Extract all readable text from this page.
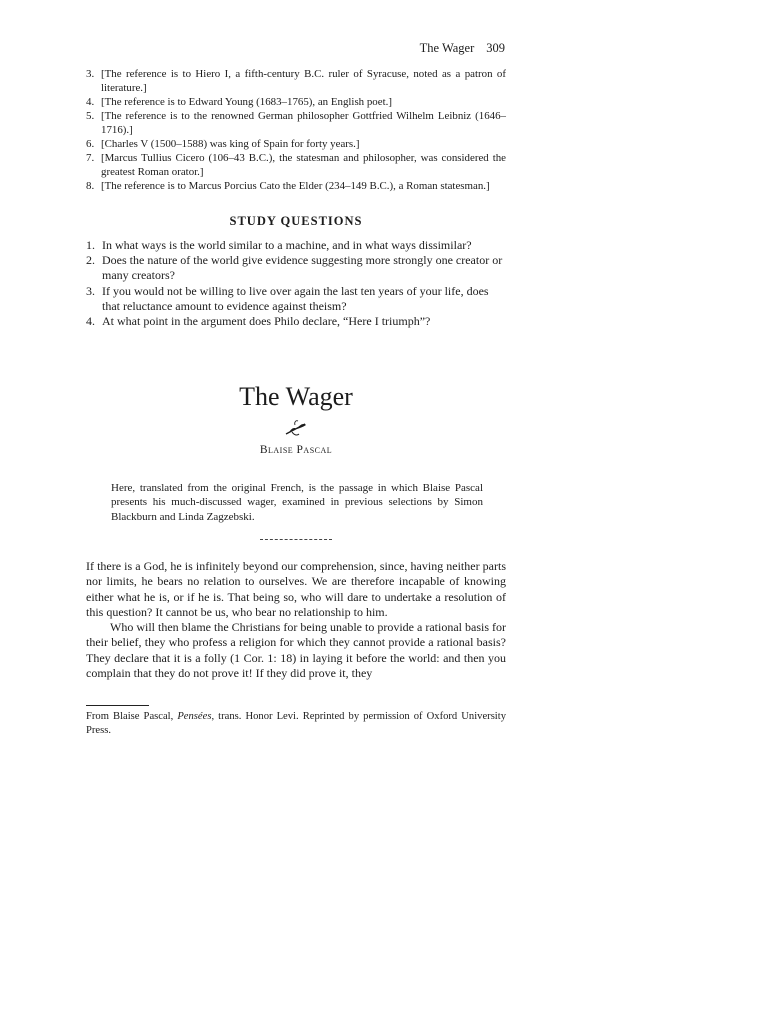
The Wager 309
3. [The reference is to Hiero I, a fifth-century B.C. ruler of Syracuse, noted as a patron of literature.]
4. [The reference is to Edward Young (1683–1765), an English poet.]
5. [The reference is to the renowned German philosopher Gottfried Wilhelm Leibniz (1646–1716).]
6. [Charles V (1500–1588) was king of Spain for forty years.]
7. [Marcus Tullius Cicero (106–43 B.C.), the statesman and philosopher, was considered the greatest Roman orator.]
8. [The reference is to Marcus Porcius Cato the Elder (234–149 B.C.), a Roman statesman.]
STUDY QUESTIONS
1. In what ways is the world similar to a machine, and in what ways dissimilar?
2. Does the nature of the world give evidence suggesting more strongly one creator or many creators?
3. If you would not be willing to live over again the last ten years of your life, does that reluctance amount to evidence against theism?
4. At what point in the argument does Philo declare, “Here I triumph”?
The Wager
Blaise Pascal

Here, translated from the original French, is the passage in which Blaise Pascal presents his much-discussed wager, examined in previous selections by Simon Blackburn and Linda Zagzebski.

If there is a God, he is infinitely beyond our comprehension, since, having neither parts nor limits, he bears no relation to ourselves. We are therefore incapable of knowing either what he is, or if he is. That being so, who will dare to undertake a resolution of this question? It cannot be us, who bear no relationship to him.

Who will then blame the Christians for being unable to provide a rational basis for their belief, they who profess a religion for which they cannot provide a rational basis? They declare that it is a folly (1 Cor. 1: 18) in laying it before the world: and then you complain that they do not prove it! If they did prove it, they

From Blaise Pascal, Pensées, trans. Honor Levi. Reprinted by permission of Oxford University Press.
